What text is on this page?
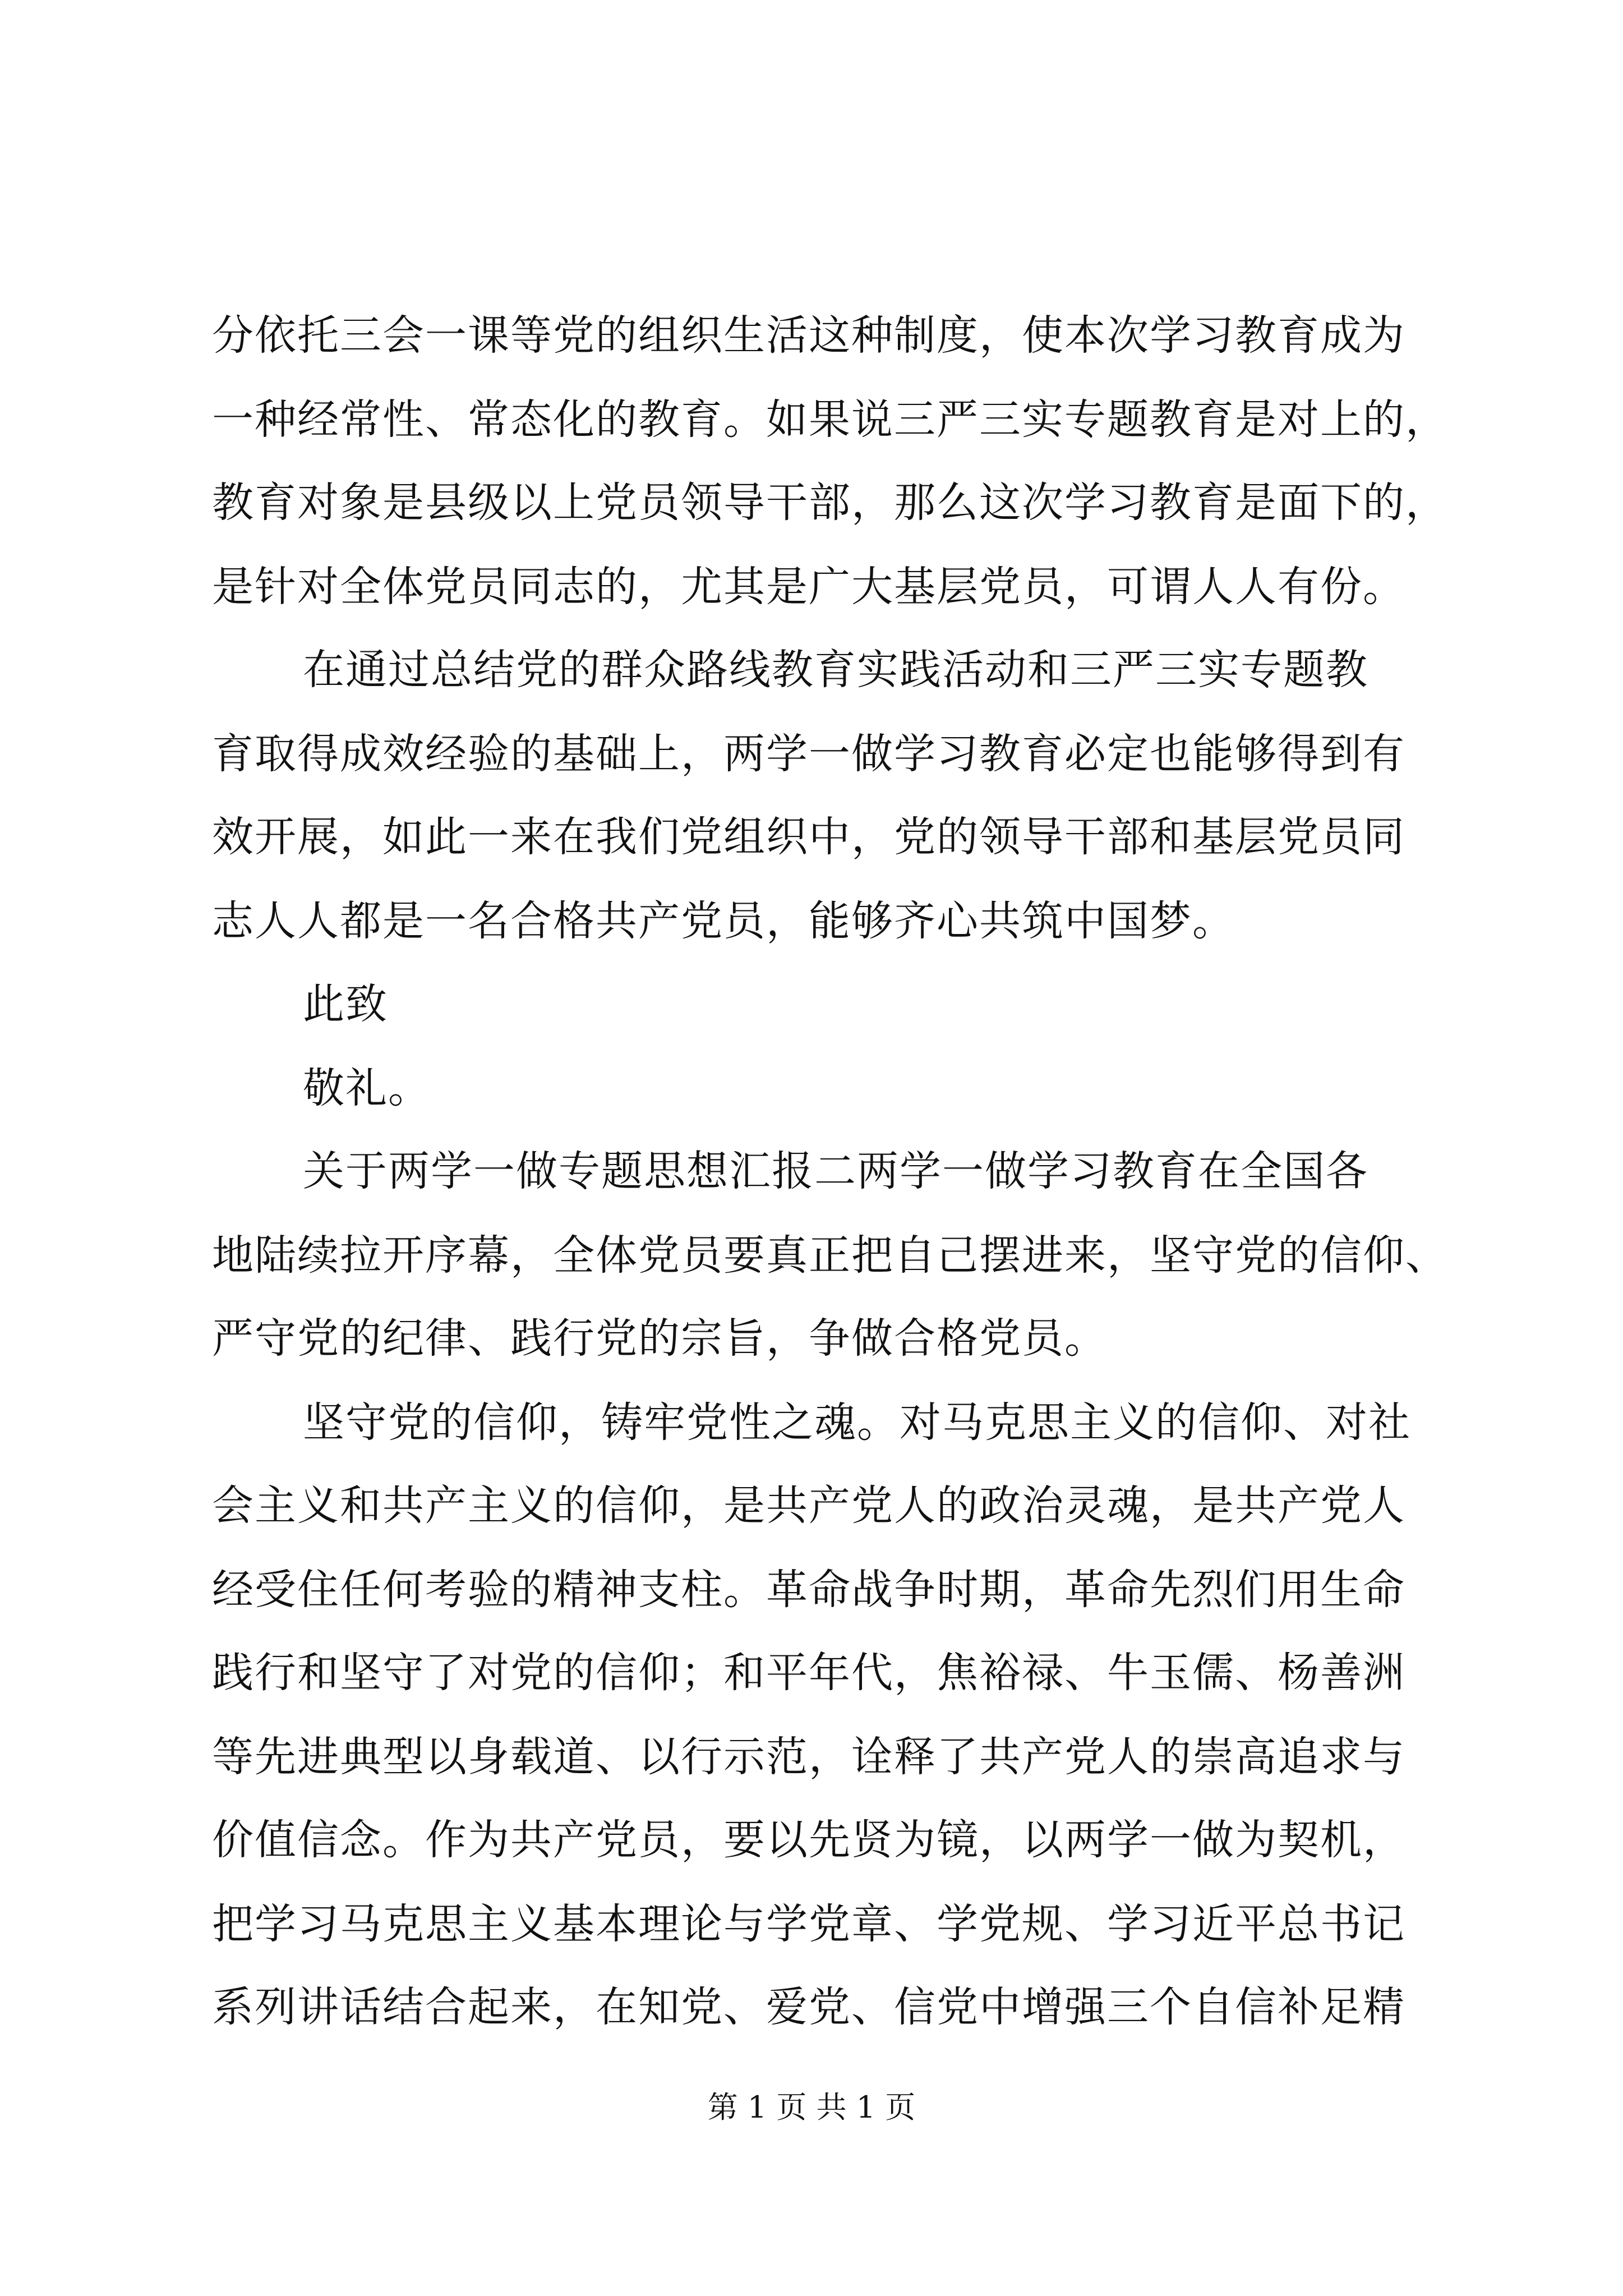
分依托三会一课等党的组织生活这种制度，使本次学习教育成为

一种经常性、常态化的教育。如果说三严三实专题教育是对上的，

教育对象是县级以上党员领导干部，那么这次学习教育是面下的，

是针对全体党员同志的，尤其是广大基层党员，可谓人人有份。

在通过总结党的群众路线教育实践活动和三严三实专题教

育取得成效经验的基础上，两学一做学习教育必定也能够得到有

效开展，如此一来在我们党组织中，党的领导干部和基层党员同

志人人都是一名合格共产党员，能够齐心共筑中国梦。

此致

敬礼。

关于两学一做专题思想汇报二两学一做学习教育在全国各

地陆续拉开序幕，全体党员要真正把自己摆进来，坚守党的信仰、

严守党的纪律、践行党的宗旨，争做合格党员。

坚守党的信仰，铸牢党性之魂。对马克思主义的信仰、对社

会主义和共产主义的信仰，是共产党人的政治灵魂，是共产党人

经受住任何考验的精神支柱。革命战争时期，革命先烈们用生命

践行和坚守了对党的信仰；和平年代，焦裕禄、牛玉儒、杨善洲

等先进典型以身载道、以行示范，诠释了共产党人的崇高追求与

价值信念。作为共产党员，要以先贤为镜，以两学一做为契机，

把学习马克思主义基本理论与学党章、学党规、学习近平总书记

系列讲话结合起来，在知党、爱党、信党中增强三个自信补足精

第 1 页 共 1 页
